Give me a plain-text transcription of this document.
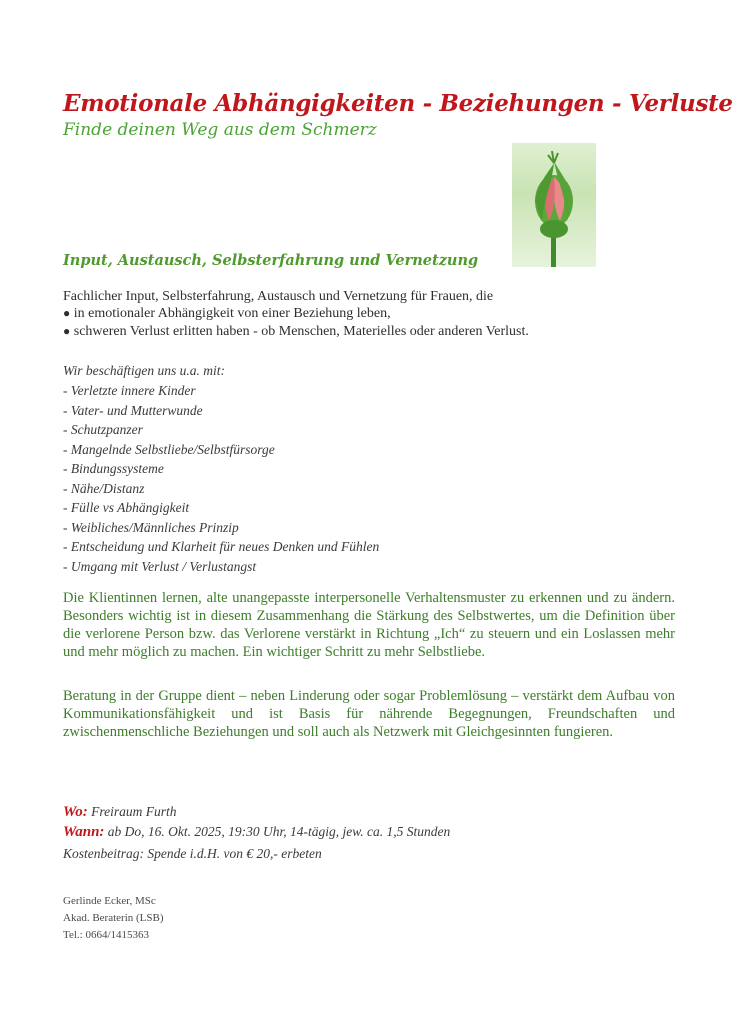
Emotionale Abhängigkeiten - Beziehungen - Verluste
Finde deinen Weg aus dem Schmerz
Input, Austausch, Selbsterfahrung und Vernetzung
Fachlicher Input, Selbsterfahrung, Austausch und Vernetzung für Frauen, die
● in emotionaler Abhängigkeit von einer Beziehung leben,
● schweren Verlust erlitten haben - ob Menschen, Materielles oder anderen Verlust.
Wir beschäftigen uns u.a. mit:
- Verletzte innere Kinder
- Vater- und Mutterwunde
- Schutzpanzer
- Mangelnde Selbstliebe/Selbstfürsorge
- Bindungssysteme
- Nähe/Distanz
- Fülle vs Abhängigkeit
- Weibliches/Männliches Prinzip
- Entscheidung und Klarheit für neues Denken und Fühlen
- Umgang mit Verlust / Verlustangst
Die Klientinnen lernen, alte unangepasste interpersonelle Verhaltensmuster zu erkennen und zu ändern. Besonders wichtig ist in diesem Zusammenhang die Stärkung des Selbstwertes, um die Definition über die verlorene Person bzw. das Verlorene verstärkt in Richtung „Ich“ zu steuern und ein Loslassen mehr und mehr möglich zu machen. Ein wichtiger Schritt zu mehr Selbstliebe.
Beratung in der Gruppe dient – neben Linderung oder sogar Problemlösung – verstärkt dem Aufbau von Kommunikationsfähigkeit und ist Basis für nährende Begegnungen, Freundschaften und zwischenmenschliche Beziehungen und soll auch als Netzwerk mit Gleichgesinnten fungieren.
Wo: Freiraum Furth
Wann: ab Do, 16. Okt. 2025, 19:30 Uhr, 14-tägig, jew. ca. 1,5 Stunden
Kostenbeitrag: Spende i.d.H. von € 20,- erbeten
Gerlinde Ecker, MSc
Akad. Beraterin (LSB)
Tel.: 0664/1415363
